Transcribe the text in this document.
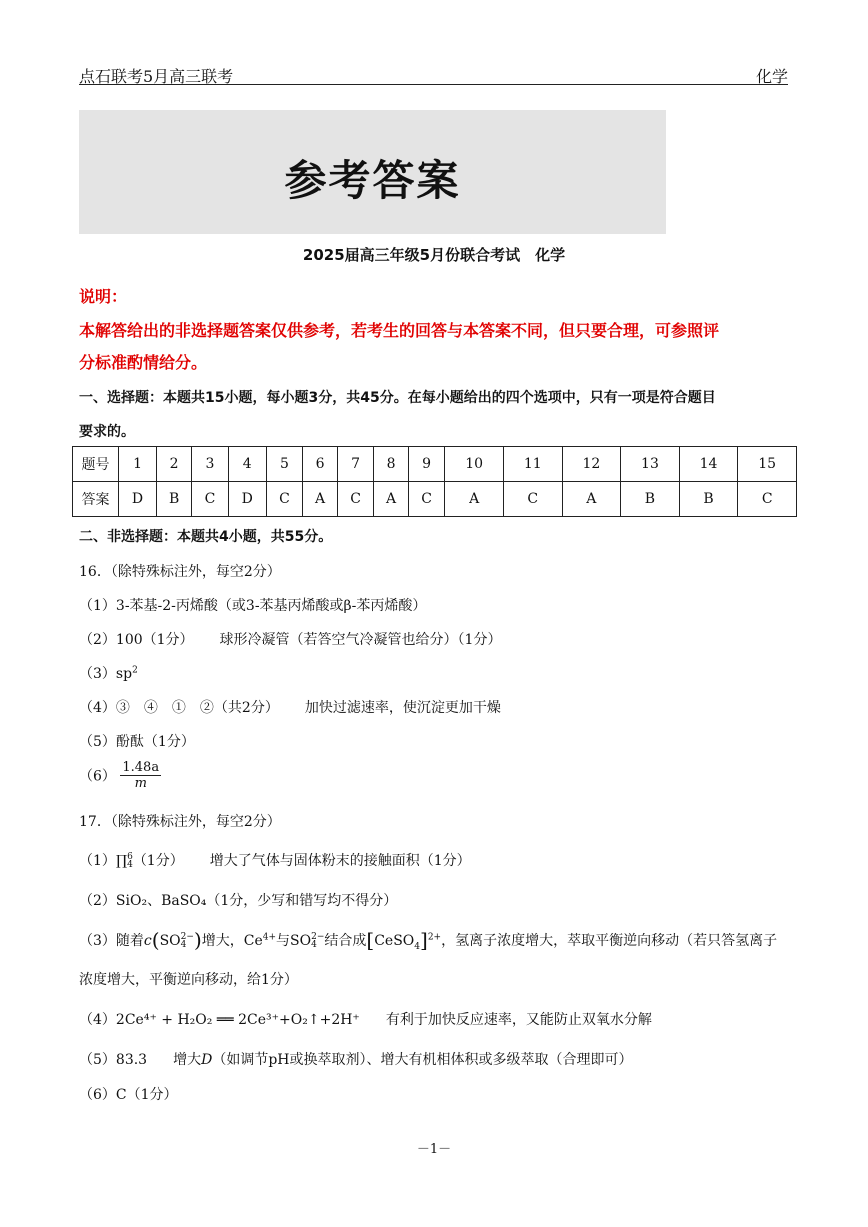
点石联考5月高三联考	化学
参考答案
2025届高三年级5月份联合考试　化学
说明：
本解答给出的非选择题答案仅供参考，若考生的回答与本答案不同，但只要合理，可参照评
分标准酌情给分。
一、选择题：本题共15小题，每小题3分，共45分。在每小题给出的四个选项中，只有一项是符合题目
要求的。
题号	1	2	3	4	5	6	7	8	9	10	11	12	13	14	15
答案	D	B	C	D	C	A	C	A	C	A	C	A	B	B	C
二、非选择题：本题共4小题，共55分。
16．（除特殊标注外，每空2分）
（1）3-苯基-2-丙烯酸（或3-苯基丙烯酸或β-苯丙烯酸）
（2）100（1分） 球形冷凝管（若答空气冷凝管也给分）（1分）
$(3)sp^2$
（4）③　④　①　②（共2分） 加快过滤速率，使沉淀更加干燥
（5）酚酞（1分）
$(6) \frac{1.48a}{m}$
17．（除特殊标注外，每空2分）
（1）∏ 6
4 （1分） 增大了气体与固体粉末的接触面积（1分）
（2）SiO₂、BaSO₄（1分，少写和错写均不得分）
（3）随着c(SO 2−
4 )增大，$Ce^{4+}$与SO 2−
4 结合成[CeSO$_4$]$^{2+}$，氢离子浓度增大，萃取平衡逆向移动（若只答氢离子
浓度增大，平衡逆向移动，给1分）
（4）2Ce⁴⁺ + H₂O₂ ══ 2Ce³⁺+O₂↑+2H⁺ 有利于加快反应速率，又能防止双氧水分解
（5）83.3 增大D（如调节pH或换萃取剂）、增大有机相体积或多级萃取（合理即可）
（6）C（1分）
－1－
